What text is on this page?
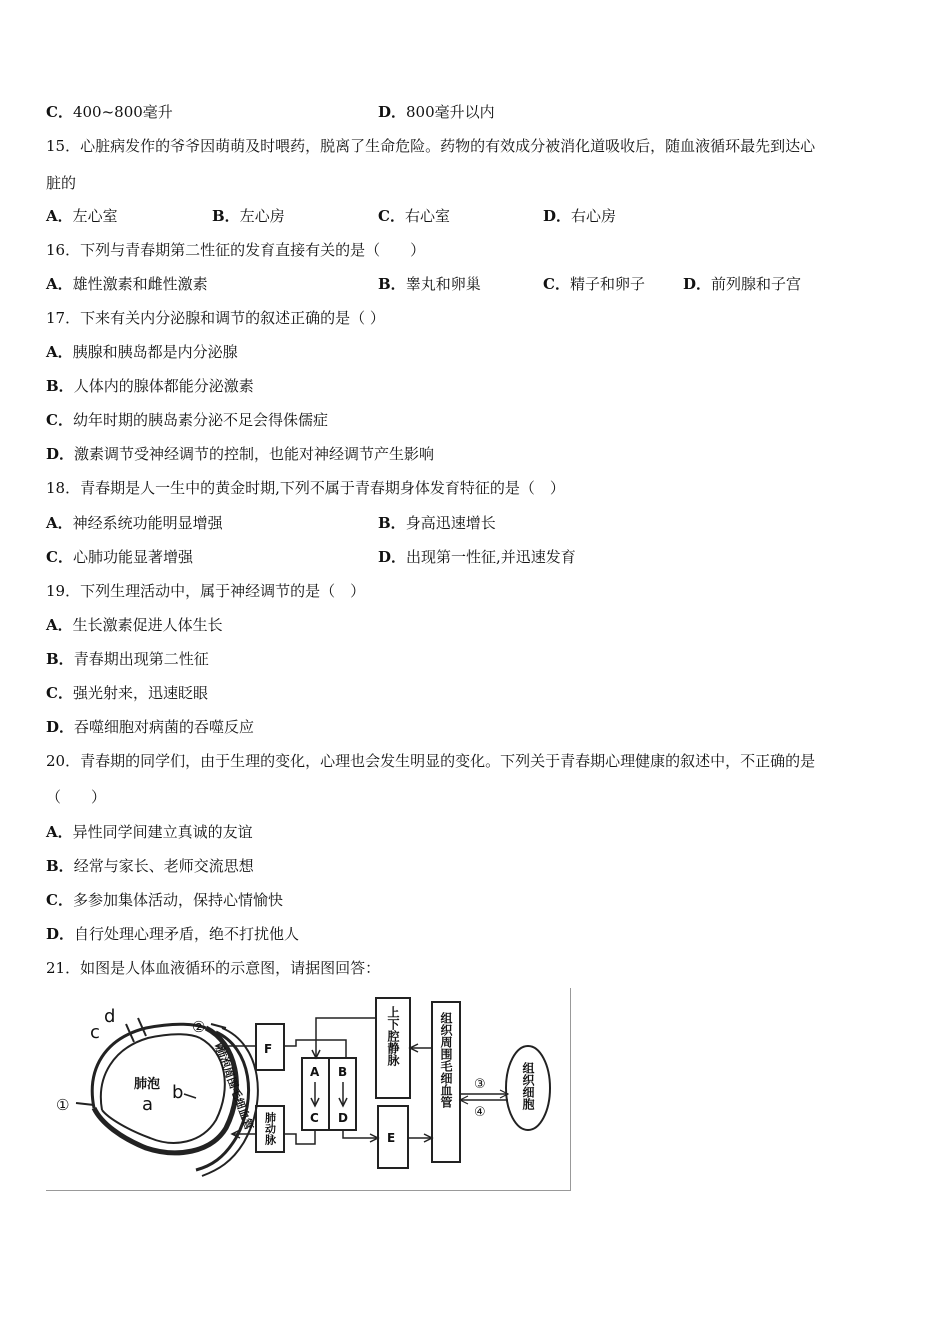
C．400~800毫升	D．800毫升以内
15．心脏病发作的爷爷因萌萌及时喂药，脱离了生命危险。药物的有效成分被消化道吸收后，随血液循环最先到达心
脏的
A．左心室	B．左心房	C．右心室	D．右心房
16．下列与青春期第二性征的发育直接有关的是（　　）
A．雄性激素和雌性激素	B．睾丸和卵巢	C．精子和卵子	D．前列腺和子宫
17．下来有关内分泌腺和调节的叙述正确的是（ ）
A．胰腺和胰岛都是内分泌腺
B．人体内的腺体都能分泌激素
C．幼年时期的胰岛素分泌不足会得侏儒症
D．激素调节受神经调节的控制，也能对神经调节产生影响
18．青春期是人一生中的黄金时期,下列不属于青春期身体发育特征的是（　）
A．神经系统功能明显增强	B．身高迅速增长
C．心肺功能显著增强	D．出现第一性征,并迅速发育
19．下列生理活动中，属于神经调节的是（　）
A．生长激素促进人体生长
B．青春期出现第二性征
C．强光射来，迅速眨眼
D．吞噬细胞对病菌的吞噬反应
20．青春期的同学们，由于生理的变化，心理也会发生明显的变化。下列关于青春期心理健康的叙述中，不正确的是
（　　）
A．异性同学间建立真诚的友谊
B．经常与家长、老师交流思想
C．多参加集体活动，保持心情愉快
D．自行处理心理矛盾，绝不打扰他人
21．如图是人体血液循环的示意图，请据图回答：
c
d
①
②
肺泡
a
b	肺泡周围毛细血管 F
肺动脉
A B
C D
上下腔静脉
E
组织周围毛细血管 ③
④
组织细胞
